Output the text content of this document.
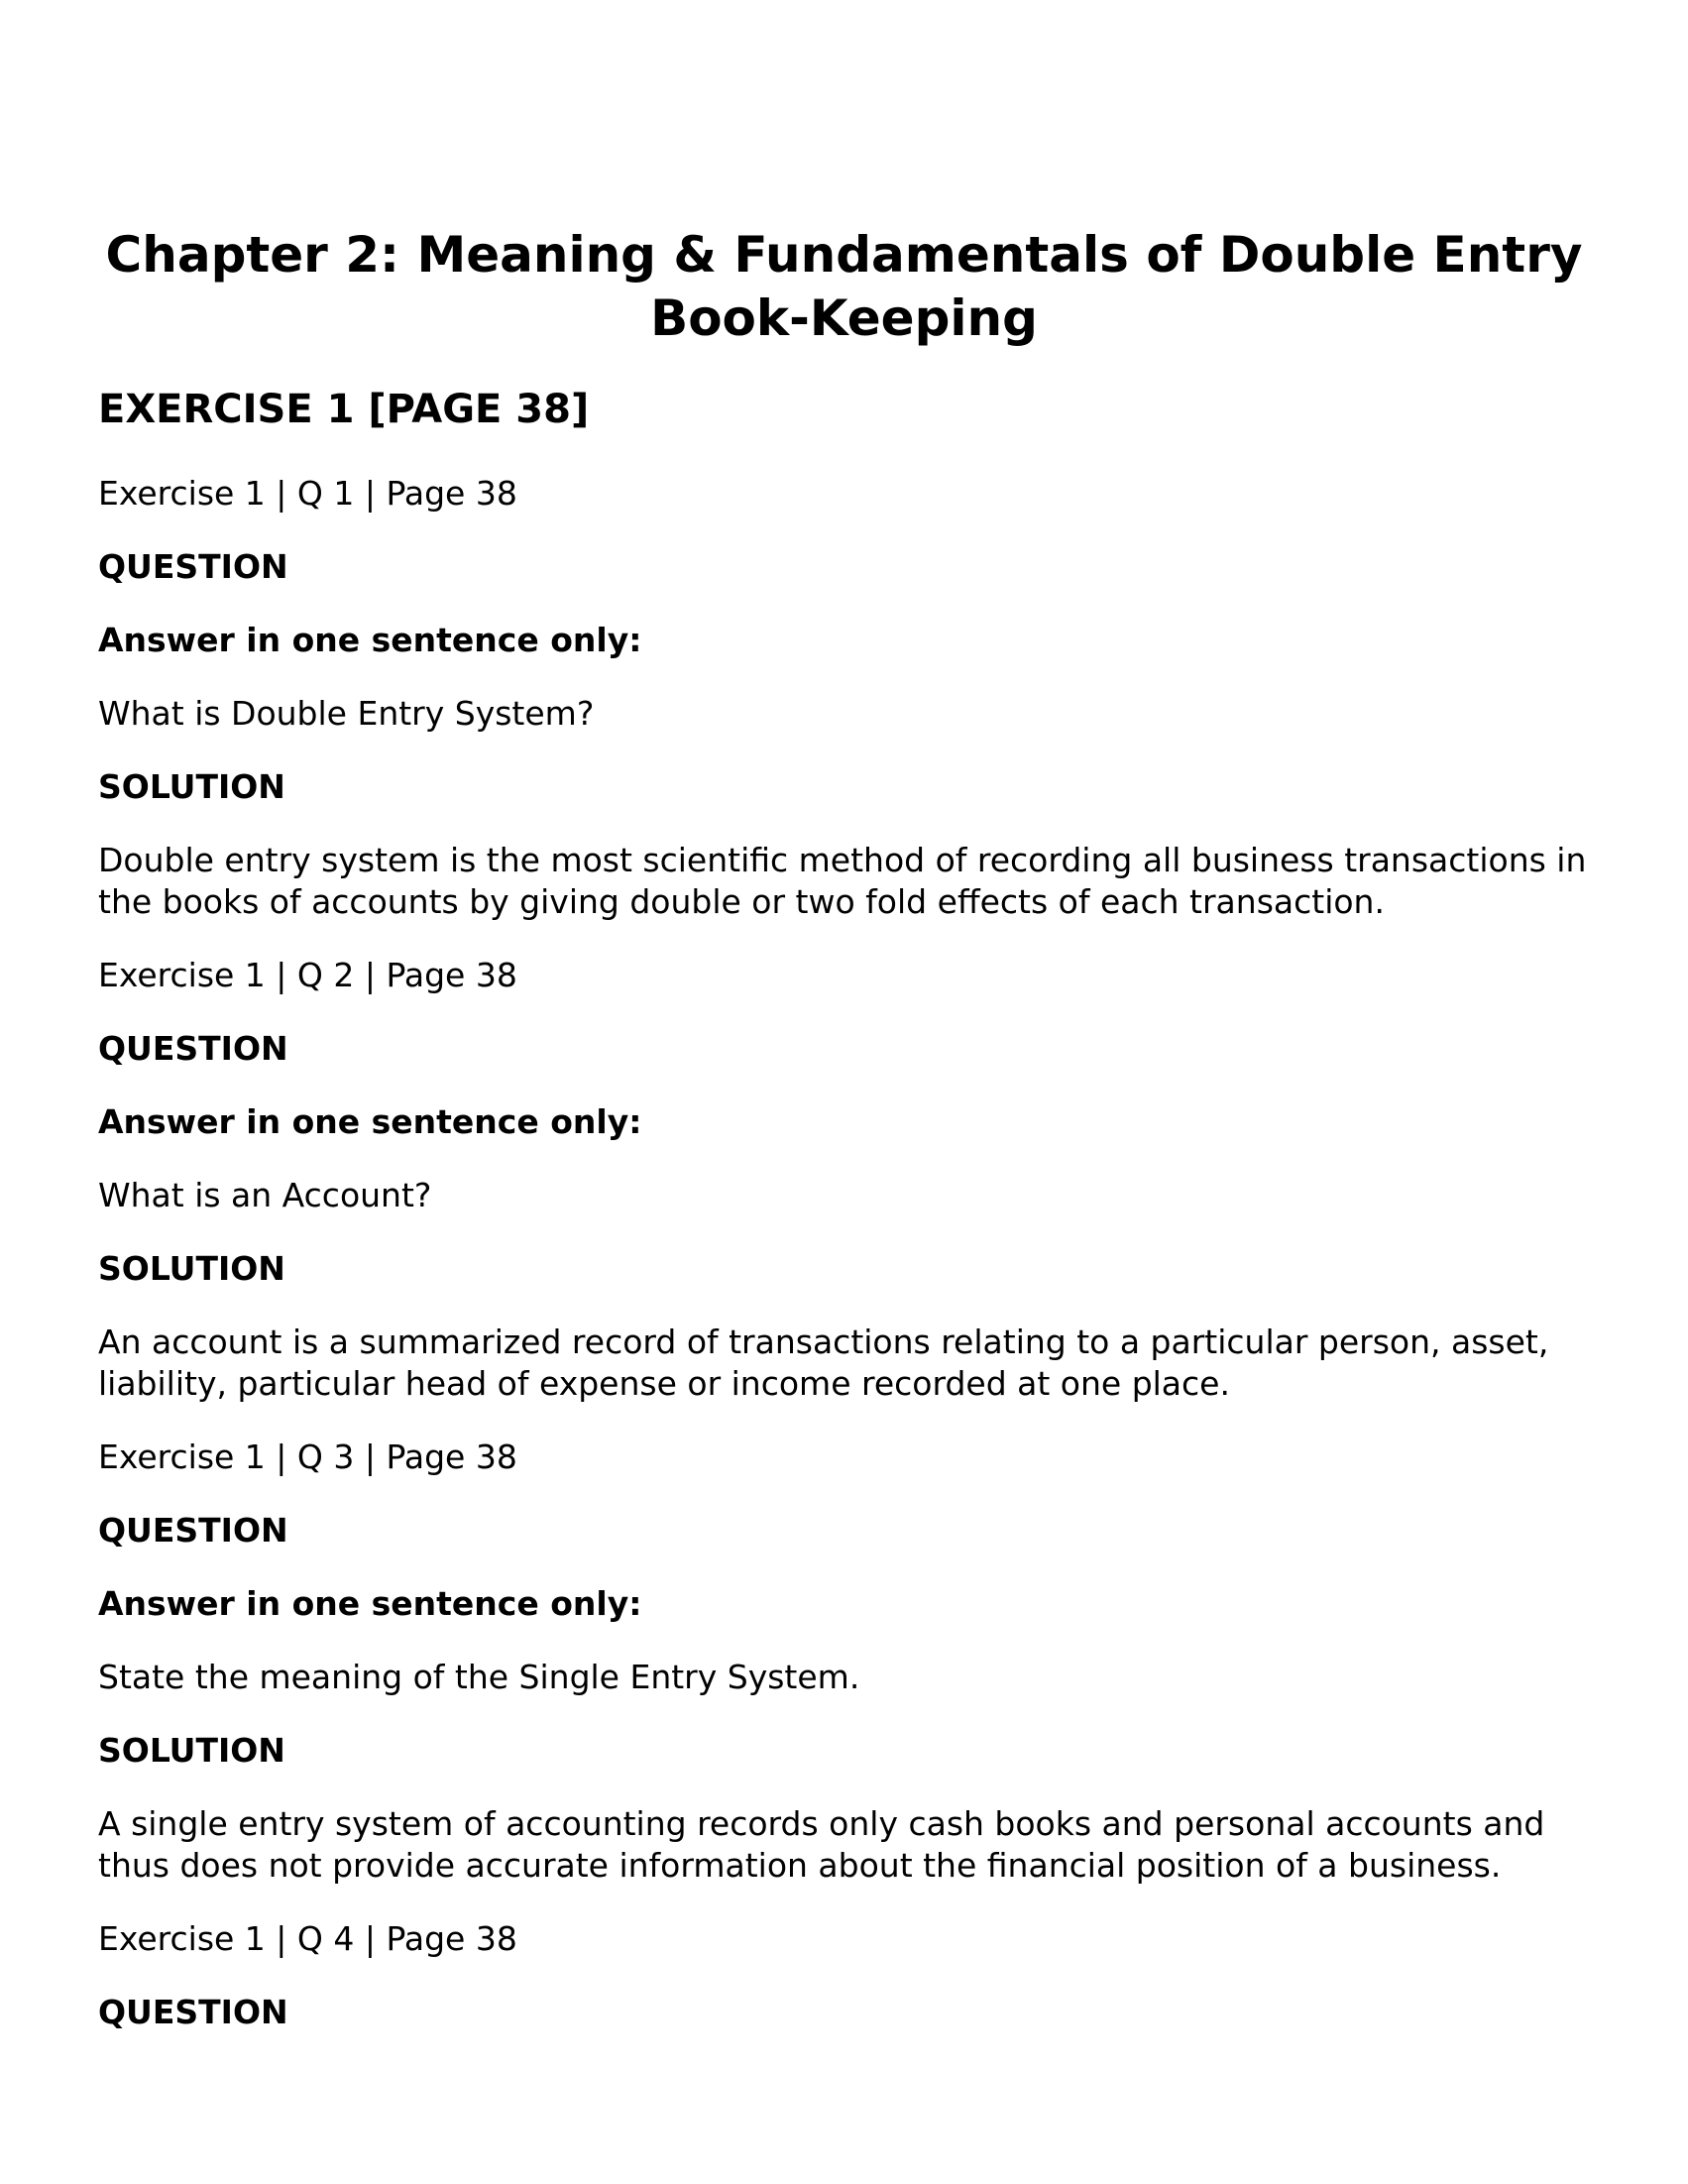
Chapter 2: Meaning & Fundamentals of Double Entry
Book-Keeping
EXERCISE 1 [PAGE 38]

Exercise 1 | Q 1 | Page 38

QUESTION

Answer in one sentence only:

What is Double Entry System?

SOLUTION

Double entry system is the most scientific method of recording all business transactions in
the books of accounts by giving double or two fold effects of each transaction.

Exercise 1 | Q 2 | Page 38

QUESTION

Answer in one sentence only:

What is an Account?

SOLUTION

An account is a summarized record of transactions relating to a particular person, asset,
liability, particular head of expense or income recorded at one place.

Exercise 1 | Q 3 | Page 38

QUESTION

Answer in one sentence only:

State the meaning of the Single Entry System.

SOLUTION

A single entry system of accounting records only cash books and personal accounts and
thus does not provide accurate information about the financial position of a business.

Exercise 1 | Q 4 | Page 38

QUESTION
